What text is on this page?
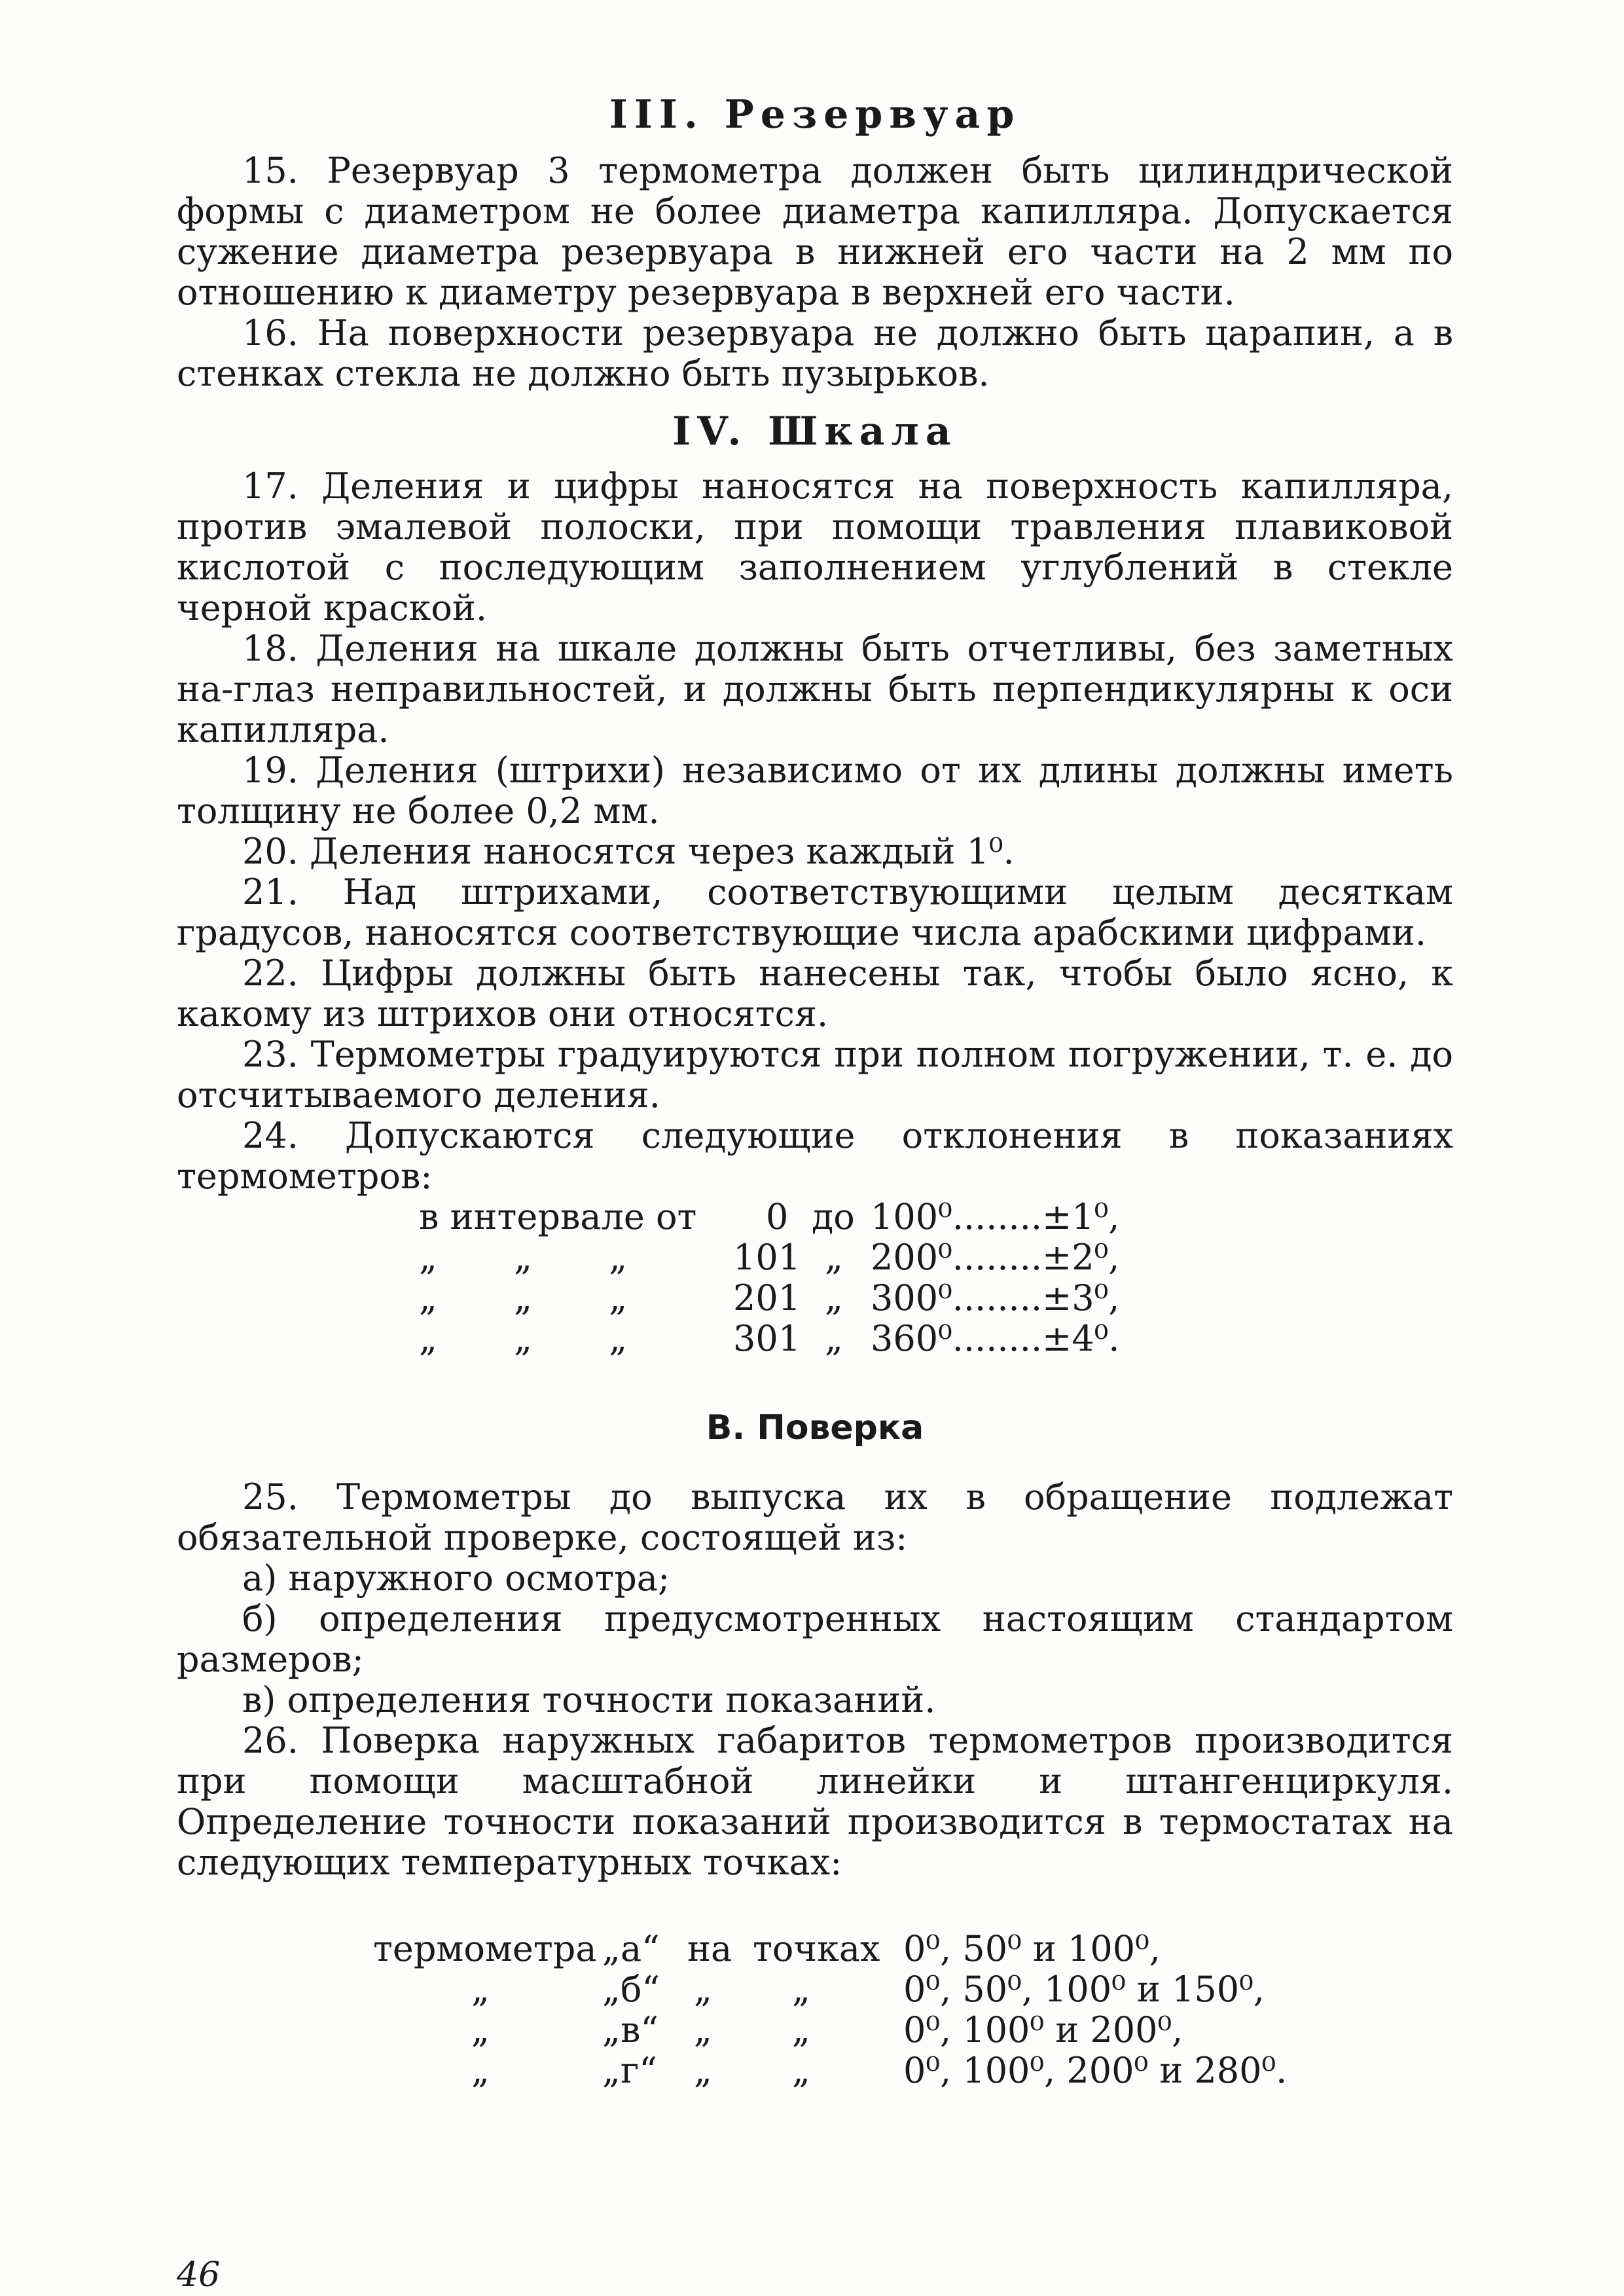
III. Резервуар

15. Резервуар 3 термометра должен быть цилиндрической формы с диаметром не более диаметра капилляра. Допускается сужение диаметра резервуара в нижней его части на 2 мм по отношению к диаметру резервуара в верхней его части.

16. На поверхности резервуара не должно быть царапин, а в стенках стекла не должно быть пузырьков.

IV. Шкала

17. Деления и цифры наносятся на поверхность капилляра, против эмалевой полоски, при помощи травления плавиковой кислотой с последующим заполнением углублений в стекле черной краской.

18. Деления на шкале должны быть отчетливы, без заметных на-глаз неправильностей, и должны быть перпендикулярны к оси капилляра.

19. Деления (штрихи) независимо от их длины должны иметь толщину не более 0,2 мм.

20. Деления наносятся через каждый 1⁰.

21. Над штрихами, соответствующими целым десяткам градусов, наносятся соответствующие числа арабскими цифрами.

22. Цифры должны быть нанесены так, чтобы было ясно, к какому из штрихов они относятся.

23. Термометры градуируются при полном погружении, т. е. до отсчитываемого деления.

24. Допускаются следующие отклонения в показаниях термометров:

в интервале от 0 до 100⁰........±1⁰,
„ „ „	101 „ 200⁰........±2⁰,
„ „ „	201 „ 300⁰........±3⁰,
„ „ „	301 „ 360⁰........±4⁰.
В. Поверка

25. Термометры до выпуска их в обращение подлежат обязательной проверке, состоящей из:

а) наружного осмотра;

б) определения предусмотренных настоящим стандартом размеров;

в) определения точности показаний.

26. Поверка наружных габаритов термометров производится при помощи масштабной линейки и штангенциркуля. Определение точности показаний производится в термостатах на следующих температурных точках:

термометра „а“ на точках 0⁰, 50⁰ и 100⁰,
„	„б“ „ „	0⁰, 50⁰, 100⁰ и 150⁰,
„	„в“ „ „	0⁰, 100⁰ и 200⁰,
„	„г“ „ „	0⁰, 100⁰, 200⁰ и 280⁰.
46
